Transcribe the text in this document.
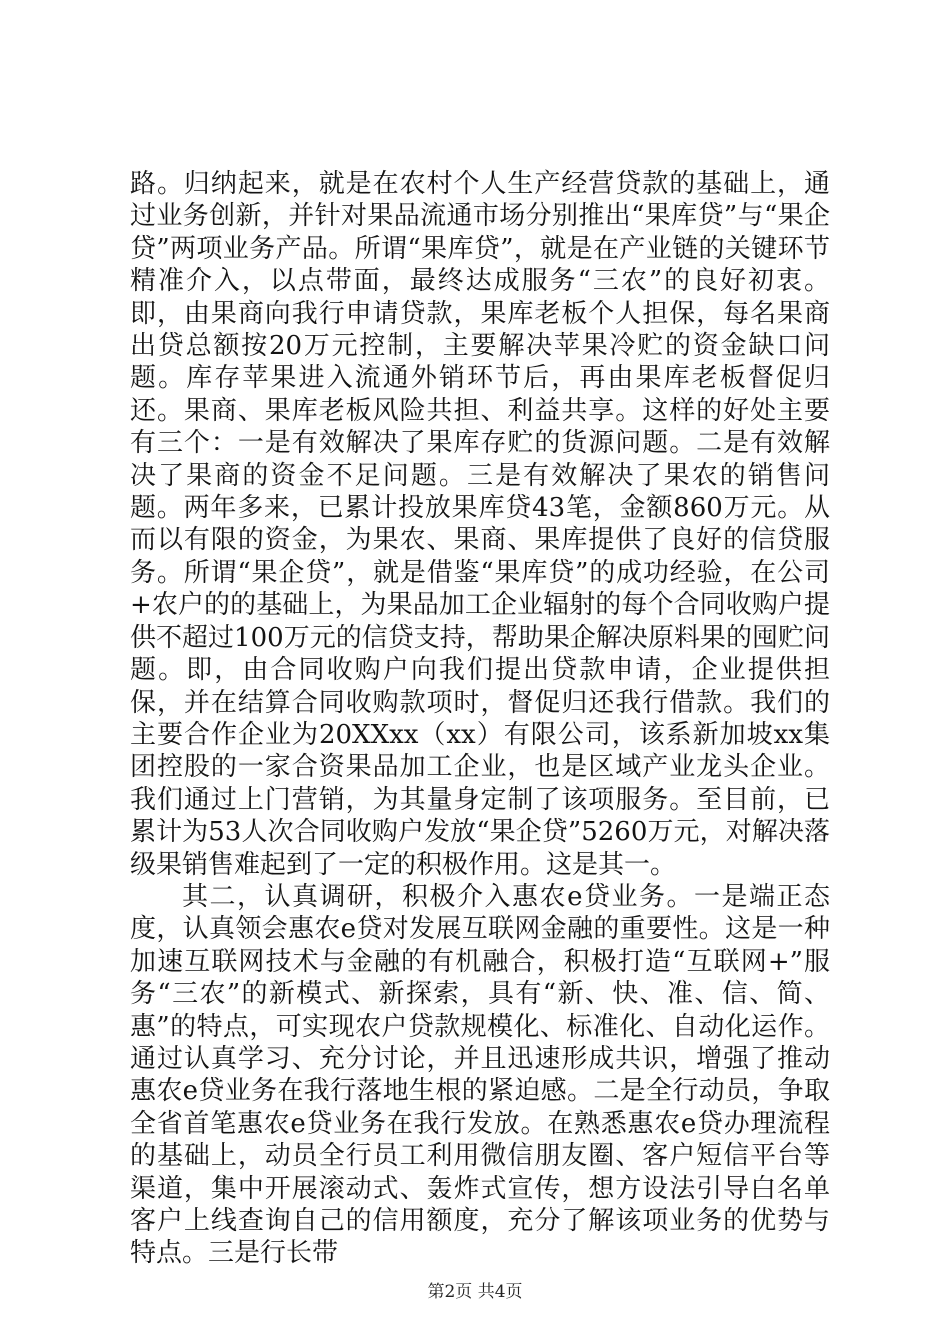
路。归纳起来，就是在农村个人生产经营贷款的基础上，通过业务创新，并针对果品流通市场分别推出“果库贷”与“果企贷”两项业务产品。所谓“果库贷”，就是在产业链的关键环节精准介入，以点带面，最终达成服务“三农”的良好初衷。即，由果商向我行申请贷款，果库老板个人担保，每名果商出贷总额按20万元控制，主要解决苹果冷贮的资金缺口问题。库存苹果进入流通外销环节后，再由果库老板督促归还。果商、果库老板风险共担、利益共享。这样的好处主要有三个：一是有效解决了果库存贮的货源问题。二是有效解决了果商的资金不足问题。三是有效解决了果农的销售问题。两年多来，已累计投放果库贷43笔，金额860万元。从而以有限的资金，为果农、果商、果库提供了良好的信贷服务。所谓“果企贷”，就是借鉴“果库贷”的成功经验，在公司+农户的的基础上，为果品加工企业辐射的每个合同收购户提供不超过100万元的信贷支持，帮助果企解决原料果的囤贮问题。即，由合同收购户向我们提出贷款申请，企业提供担保，并在结算合同收购款项时，督促归还我行借款。我们的主要合作企业为20XXxx（xx）有限公司，该系新加坡xx集团控股的一家合资果品加工企业，也是区域产业龙头企业。我们通过上门营销，为其量身定制了该项服务。至目前，已累计为53人次合同收购户发放“果企贷”5260万元，对解决落级果销售难起到了一定的积极作用。这是其一。

其二，认真调研，积极介入惠农e贷业务。一是端正态度，认真领会惠农e贷对发展互联网金融的重要性。这是一种加速互联网技术与金融的有机融合，积极打造“互联网+”服务“三农”的新模式、新探索，具有“新、快、准、信、简、惠”的特点，可实现农户贷款规模化、标准化、自动化运作。通过认真学习、充分讨论，并且迅速形成共识，增强了推动惠农e贷业务在我行落地生根的紧迫感。二是全行动员，争取全省首笔惠农e贷业务在我行发放。在熟悉惠农e贷办理流程的基础上，动员全行员工利用微信朋友圈、客户短信平台等渠道，集中开展滚动式、轰炸式宣传，想方设法引导白名单客户上线查询自己的信用额度，充分了解该项业务的优势与特点。三是行长带

第2页 共4页
